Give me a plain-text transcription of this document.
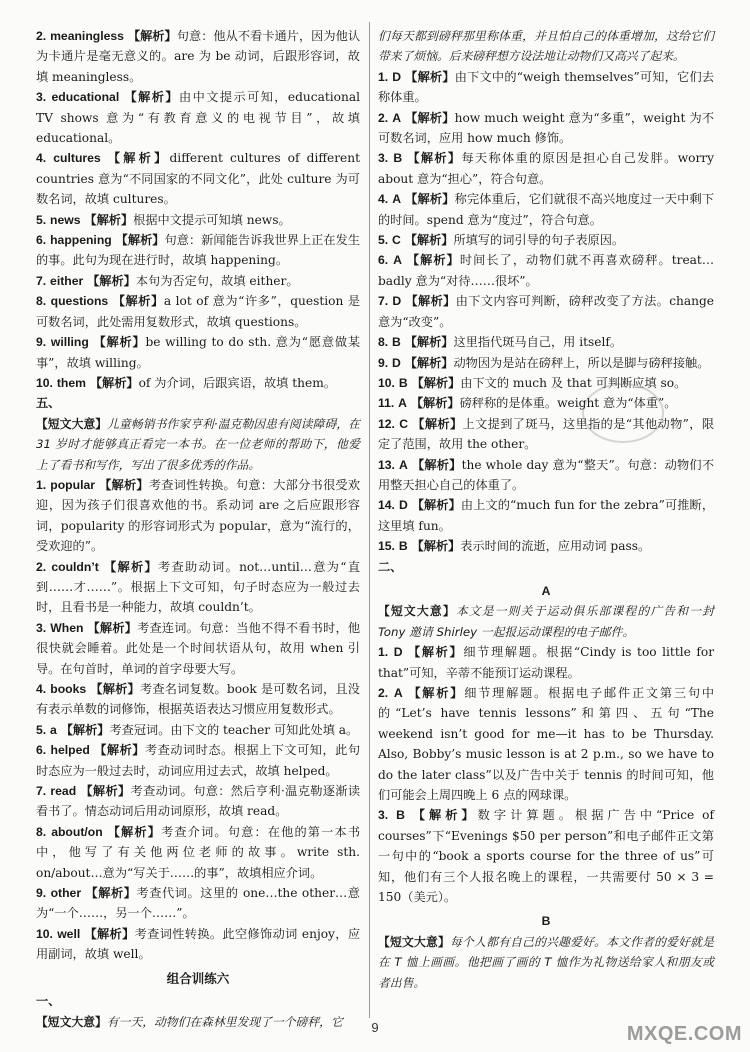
2. meaningless 【解析】句意：他从不看卡通片，因为他认为卡通片是毫无意义的。are 为 be 动词，后跟形容词，故填 meaningless。

3. educational 【解析】由中文提示可知，educational TV shows 意为“有教育意义的电视节目”，故填 educational。

4. cultures 【解析】different cultures of different countries 意为“不同国家的不同文化”，此处 culture 为可数名词，故填 cultures。

5. news 【解析】根据中文提示可知填 news。

6. happening 【解析】句意：新闻能告诉我世界上正在发生的事。此句为现在进行时，故填 happening。

7. either 【解析】本句为否定句，故填 either。

8. questions 【解析】a lot of 意为“许多”，question 是可数名词，此处需用复数形式，故填 questions。

9. willing 【解析】be willing to do sth. 意为“愿意做某事”，故填 willing。

10. them 【解析】of 为介词，后跟宾语，故填 them。

五、

【短文大意】儿童畅销书作家亨利·温克勒因患有阅读障碍，在 31 岁时才能够真正看完一本书。在一位老师的帮助下，他爱上了看书和写作，写出了很多优秀的作品。

1. popular 【解析】考查词性转换。句意：大部分书很受欢迎，因为孩子们很喜欢他的书。系动词 are 之后应跟形容词，popularity 的形容词形式为 popular，意为“流行的，受欢迎的”。

2. couldn’t 【解析】考查助动词。not…until…意为“直到……才……”。根据上下文可知，句子时态应为一般过去时，且看书是一种能力，故填 couldn’t。

3. When 【解析】考查连词。句意：当他不得不看书时，他很快就会睡着。此处是一个时间状语从句，故用 when 引导。在句首时，单词的首字母要大写。

4. books 【解析】考查名词复数。book 是可数名词，且没有表示单数的词修饰，根据英语表达习惯应用复数形式。

5. a 【解析】考查冠词。由下文的 teacher 可知此处填 a。

6. helped 【解析】考查动词时态。根据上下文可知，此句时态应为一般过去时，动词应用过去式，故填 helped。

7. read 【解析】考查动词。句意：然后亨利·温克勒逐渐读看书了。情态动词后用动词原形，故填 read。

8. about/on 【解析】考查介词。句意：在他的第一本书中，他写了有关他两位老师的故事。write sth. on/about…意为“写关于……的事”，故填相应介词。

9. other 【解析】考查代词。这里的 one…the other…意为“一个……，另一个……”。

10. well 【解析】考查词性转换。此空修饰动词 enjoy，应用副词，故填 well。

组合训练六

一、

【短文大意】有一天，动物们在森林里发现了一个磅秤，它

们每天都到磅秤那里称体重，并且怕自己的体重增加，这给它们带来了烦恼。后来磅秤想方设法地让动物们又高兴了起来。

1. D 【解析】由下文中的“weigh themselves”可知，它们去称体重。

2. A 【解析】how much weight 意为“多重”，weight 为不可数名词，应用 how much 修饰。

3. B 【解析】每天称体重的原因是担心自己发胖。worry about 意为“担心”，符合句意。

4. A 【解析】称完体重后，它们就很不高兴地度过一天中剩下的时间。spend 意为“度过”，符合句意。

5. C 【解析】所填写的词引导的句子表原因。

6. A 【解析】时间长了，动物们就不再喜欢磅秤。treat…badly 意为“对待……很坏”。

7. D 【解析】由下文内容可判断，磅秤改变了方法。change 意为“改变”。

8. B 【解析】这里指代斑马自己，用 itself。

9. D 【解析】动物因为是站在磅秤上，所以是脚与磅秤接触。

10. B 【解析】由下文的 much 及 that 可判断应填 so。

11. A 【解析】磅秤称的是体重。weight 意为“体重”。

12. C 【解析】上文提到了斑马，这里指的是“其他动物”，限定了范围，故用 the other。

13. A 【解析】the whole day 意为“整天”。句意：动物们不用整天担心自己的体重了。

14. D 【解析】由上文的“much fun for the zebra”可推断，这里填 fun。

15. B 【解析】表示时间的流逝，应用动词 pass。

二、

A

【短文大意】本文是一则关于运动俱乐部课程的广告和一封 Tony 邀请 Shirley 一起报运动课程的电子邮件。

1. D 【解析】细节理解题。根据“Cindy is too little for that”可知，辛蒂不能预订运动课程。

2. A 【解析】细节理解题。根据电子邮件正文第三句中的“Let’s have tennis lessons”和第四、五句“The weekend isn’t good for me—it has to be Thursday. Also, Bobby’s music lesson is at 2 p.m., so we have to do the later class”以及广告中关于 tennis 的时间可知，他们可能会上周四晚上 6 点的网球课。

3. B 【解析】数字计算题。根据广告中“Price of courses”下“Evenings $50 per person”和电子邮件正文第一句中的“book a sports course for the three of us”可知，他们有三个人报名晚上的课程，一共需要付 50 × 3 = 150（美元）。

B

【短文大意】每个人都有自己的兴趣爱好。本文作者的爱好就是在 T 恤上画画。他把画了画的 T 恤作为礼物送给家人和朋友或者出售。

9	MXQE.COM
